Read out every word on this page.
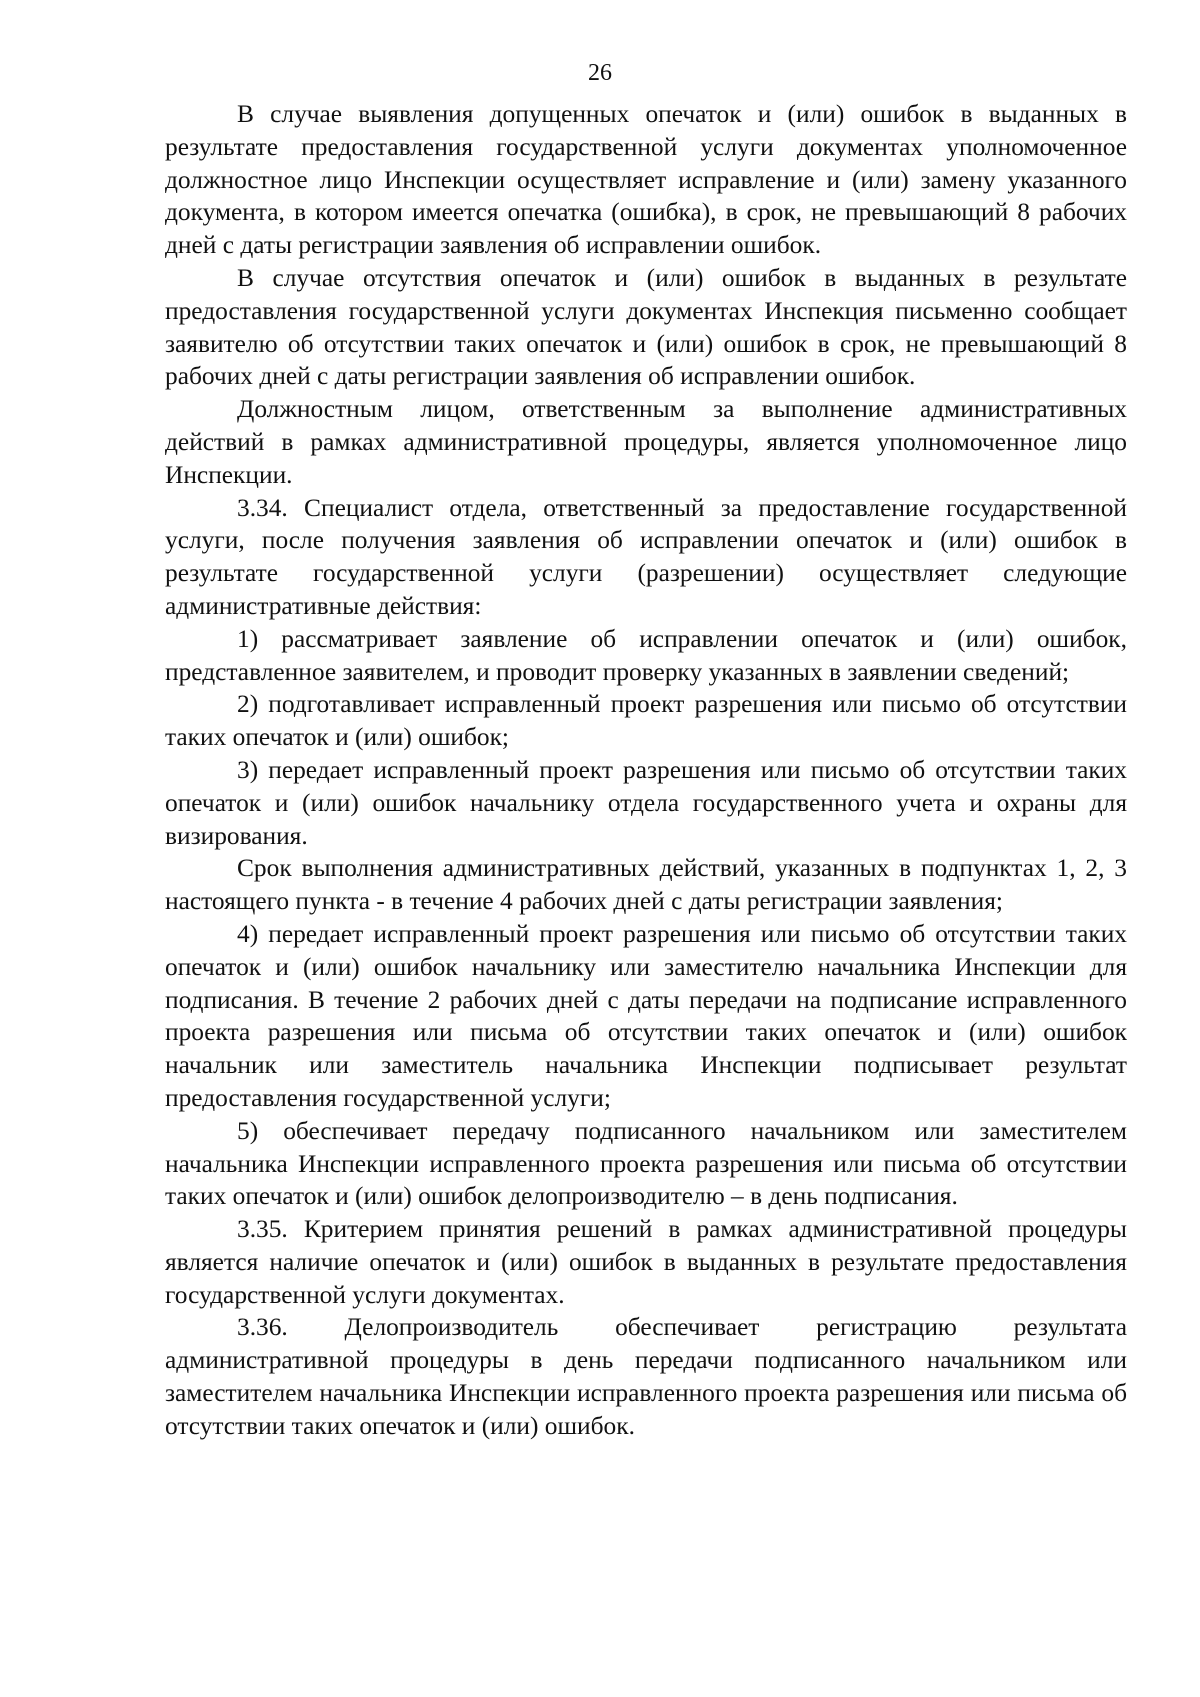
26

В случае выявления допущенных опечаток и (или) ошибок в выданных в результате предоставления государственной услуги документах уполномоченное должностное лицо Инспекции осуществляет исправление и (или) замену указанного документа, в котором имеется опечатка (ошибка), в срок, не превышающий 8 рабочих дней с даты регистрации заявления об исправлении ошибок.

В случае отсутствия опечаток и (или) ошибок в выданных в результате предоставления государственной услуги документах Инспекция письменно сообщает заявителю об отсутствии таких опечаток и (или) ошибок в срок, не превышающий 8 рабочих дней с даты регистрации заявления об исправлении ошибок.

Должностным лицом, ответственным за выполнение административных действий в рамках административной процедуры, является уполномоченное лицо Инспекции.

3.34. Специалист отдела, ответственный за предоставление государственной услуги, после получения заявления об исправлении опечаток и (или) ошибок в результате государственной услуги (разрешении) осуществляет следующие административные действия:

1) рассматривает заявление об исправлении опечаток и (или) ошибок, представленное заявителем, и проводит проверку указанных в заявлении сведений;

2) подготавливает исправленный проект разрешения или письмо об отсутствии таких опечаток и (или) ошибок;

3) передает исправленный проект разрешения или письмо об отсутствии таких опечаток и (или) ошибок начальнику отдела государственного учета и охраны для визирования.

Срок выполнения административных действий, указанных в подпунктах 1, 2, 3 настоящего пункта - в течение 4 рабочих дней с даты регистрации заявления;

4) передает исправленный проект разрешения или письмо об отсутствии таких опечаток и (или) ошибок начальнику или заместителю начальника Инспекции для подписания. В течение 2 рабочих дней с даты передачи на подписание исправленного проекта разрешения или письма об отсутствии таких опечаток и (или) ошибок начальник или заместитель начальника Инспекции подписывает результат предоставления государственной услуги;

5) обеспечивает передачу подписанного начальником или заместителем начальника Инспекции исправленного проекта разрешения или письма об отсутствии таких опечаток и (или) ошибок делопроизводителю – в день подписания.

3.35. Критерием принятия решений в рамках административной процедуры является наличие опечаток и (или) ошибок в выданных в результате предоставления государственной услуги документах.

3.36. Делопроизводитель обеспечивает регистрацию результата административной процедуры в день передачи подписанного начальником или заместителем начальника Инспекции исправленного проекта разрешения или письма об отсутствии таких опечаток и (или) ошибок.
